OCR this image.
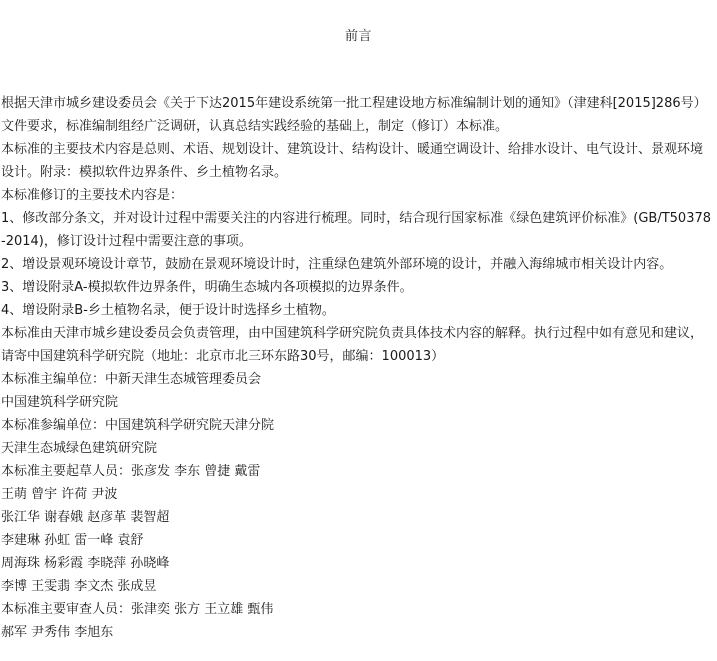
前言

根据天津市城乡建设委员会《关于下达2015年建设系统第一批工程建设地方标准编制计划的通知》（津建科[2015]286号）文件要求，标准编制组经广泛调研，认真总结实践经验的基础上，制定（修订）本标准。

本标准的主要技术内容是总则、术语、规划设计、建筑设计、结构设计、暖通空调设计、给排水设计、电气设计、景观环境设计。附录：模拟软件边界条件、乡土植物名录。

本标准修订的主要技术内容是：

1、修改部分条文，并对设计过程中需要关注的内容进行梳理。同时，结合现行国家标准《绿色建筑评价标准》(GB/T50378-2014)，修订设计过程中需要注意的事项。

2、增设景观环境设计章节，鼓励在景观环境设计时，注重绿色建筑外部环境的设计，并融入海绵城市相关设计内容。

3、增设附录A-模拟软件边界条件，明确生态城内各项模拟的边界条件。

4、增设附录B-乡土植物名录，便于设计时选择乡土植物。

本标准由天津市城乡建设委员会负责管理，由中国建筑科学研究院负责具体技术内容的解释。执行过程中如有意见和建议，请寄中国建筑科学研究院（地址：北京市北三环东路30号，邮编：100013）

本标准主编单位：中新天津生态城管理委员会

中国建筑科学研究院

本标准参编单位：中国建筑科学研究院天津分院

天津生态城绿色建筑研究院

本标准主要起草人员：张彦发 李东 曾捷 戴雷

王萌 曾宇 许荷 尹波

张江华 谢春娥 赵彦革 裴智超

李建琳 孙虹 雷一峰 袁舒

周海珠 杨彩霞 李晓萍 孙晓峰

李博 王雯翡 李文杰 张成昱

本标准主要审查人员：张津奕 张方 王立雄 甄伟

郝军 尹秀伟 李旭东
